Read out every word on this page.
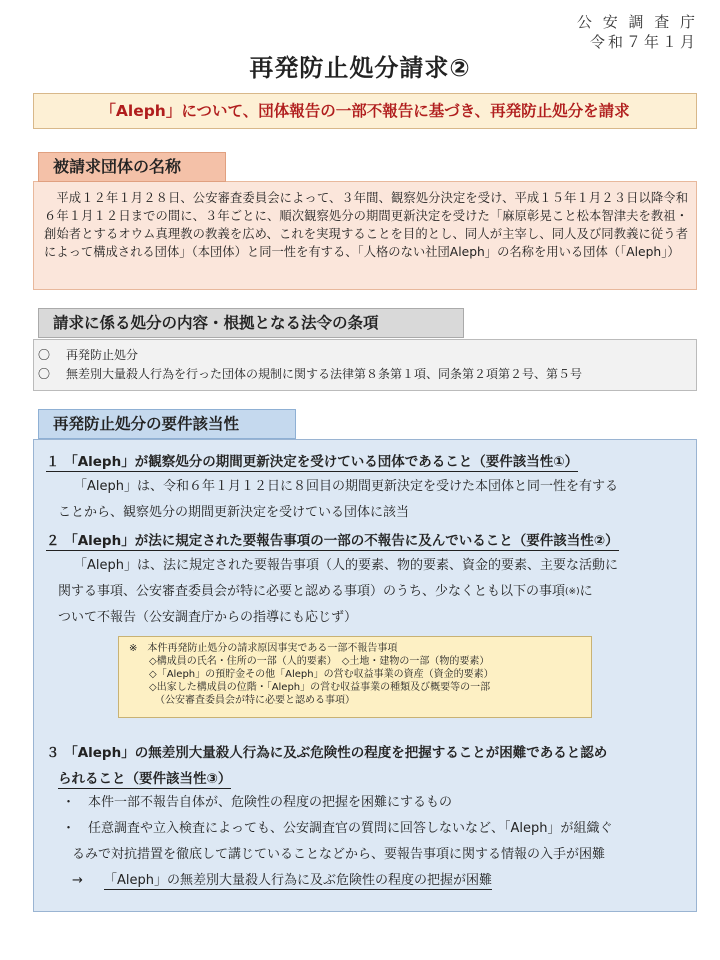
公 安 調 査 庁
令和７年１月
再発防止処分請求②
「Aleph」について、団体報告の一部不報告に基づき、再発防止処分を請求
　平成１２年１月２８日、公安審査委員会によって、３年間、観察処分決定を受け、平成１５年１月２３日以降令和６年１月１２日までの間に、３年ごとに、順次観察処分の期間更新決定を受けた「麻原彰晃こと松本智津夫を教祖・創始者とするオウム真理教の教義を広め、これを実現することを目的とし、同人が主宰し、同人及び同教義に従う者によって構成される団体」（本団体）と同一性を有する、「人格のない社団Aleph」の名称を用いる団体（「Aleph」）
被請求団体の名称
〇 再発防止処分
〇 無差別大量殺人行為を行った団体の規制に関する法律第８条第１項、同条第２項第２号、第５号
請求に係る処分の内容・根拠となる法令の条項
再発防止処分の要件該当性
１ 「Aleph」が観察処分の期間更新決定を受けている団体であること（要件該当性①）
「Aleph」は、令和６年１月１２日に８回目の期間更新決定を受けた本団体と同一性を有する
ことから、観察処分の期間更新決定を受けている団体に該当
２ 「Aleph」が法に規定された要報告事項の一部の不報告に及んでいること（要件該当性②）
「Aleph」は、法に規定された要報告事項（人的要素、物的要素、資金的要素、主要な活動に
関する事項、公安審査委員会が特に必要と認める事項）のうち、少なくとも以下の事項(※)に
ついて不報告（公安調査庁からの指導にも応じず）
※　本件再発防止処分の請求原因事実である一部不報告事項
◇構成員の氏名・住所の一部（人的要素）　◇土地・建物の一部（物的要素）
◇「Aleph」の預貯金その他「Aleph」の営む収益事業の資産（資金的要素）
◇出家した構成員の位階・「Aleph」の営む収益事業の種類及び概要等の一部
（公安審査委員会が特に必要と認める事項）
３ 「Aleph」の無差別大量殺人行為に及ぶ危険性の程度を把握することが困難であると認め
られること（要件該当性③）
・ 本件一部不報告自体が、危険性の程度の把握を困難にするもの
・ 任意調査や立入検査によっても、公安調査官の質問に回答しないなど、「Aleph」が組織ぐ
るみで対抗措置を徹底して講じていることなどから、要報告事項に関する情報の入手が困難
→ 「Aleph」の無差別大量殺人行為に及ぶ危険性の程度の把握が困難
